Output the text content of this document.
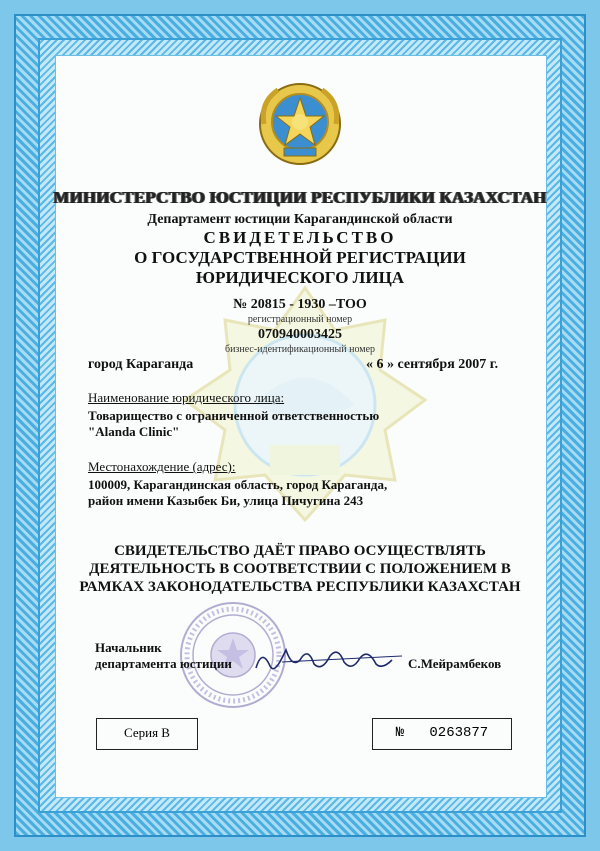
МИНИСТЕРСТВО ЮСТИЦИИ РЕСПУБЛИКИ КАЗАХСТАН
Департамент юстиции Карагандинской области
СВИДЕТЕЛЬСТВО
О ГОСУДАРСТВЕННОЙ РЕГИСТРАЦИИ
ЮРИДИЧЕСКОГО ЛИЦА
№ 20815 - 1930 –ТОО
регистрационный номер
070940003425
бизнес-идентификационный номер
город Караганда	« 6 » сентября 2007 г.
Наименование юридического лица:
Товарищество с ограниченной ответственностью
"Alanda Clinic"
Местонахождение (адрес):
100009, Карагандинская область, город Караганда,
район имени Казыбек Би, улица Пичугина 243
СВИДЕТЕЛЬСТВО ДАЁТ ПРАВО ОСУЩЕСТВЛЯТЬ
ДЕЯТЕЛЬНОСТЬ В СООТВЕТСТВИИ С ПОЛОЖЕНИЕМ В
РАМКАХ ЗАКОНОДАТЕЛЬСТВА РЕСПУБЛИКИ КАЗАХСТАН
Начальник
департамента юстиции	С.Мейрамбеков
Серия В	№   0263877
